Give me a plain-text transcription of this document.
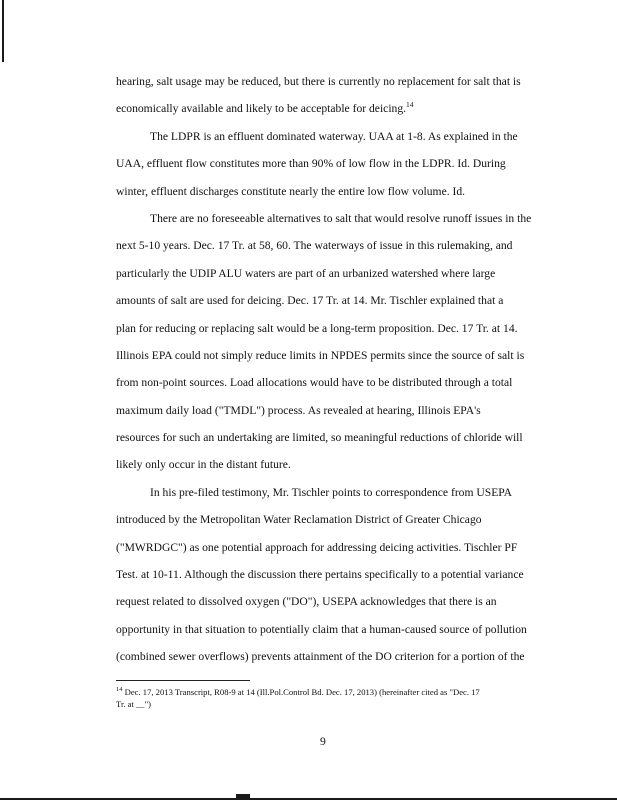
hearing, salt usage may be reduced, but there is currently no replacement for salt that is
economically available and likely to be acceptable for deicing.$^{14}$
The LDPR is an effluent dominated waterway. UAA at 1-8. As explained in the
UAA, effluent flow constitutes more than 90% of low flow in the LDPR. Id. During
winter, effluent discharges constitute nearly the entire low flow volume. Id.
There are no foreseeable alternatives to salt that would resolve runoff issues in the
next 5-10 years. Dec. 17 Tr. at 58, 60. The waterways of issue in this rulemaking, and
particularly the UDIP ALU waters are part of an urbanized watershed where large
amounts of salt are used for deicing. Dec. 17 Tr. at 14. Mr. Tischler explained that a
plan for reducing or replacing salt would be a long-term proposition. Dec. 17 Tr. at 14.
Illinois EPA could not simply reduce limits in NPDES permits since the source of salt is
from non-point sources. Load allocations would have to be distributed through a total
maximum daily load ("TMDL") process. As revealed at hearing, Illinois EPA's
resources for such an undertaking are limited, so meaningful reductions of chloride will
likely only occur in the distant future.
In his pre-filed testimony, Mr. Tischler points to correspondence from USEPA
introduced by the Metropolitan Water Reclamation District of Greater Chicago
("MWRDGC") as one potential approach for addressing deicing activities. Tischler PF
Test. at 10-11. Although the discussion there pertains specifically to a potential variance
request related to dissolved oxygen ("DO"), USEPA acknowledges that there is an
opportunity in that situation to potentially claim that a human-caused source of pollution
(combined sewer overflows) prevents attainment of the DO criterion for a portion of the
$^{14}$ Dec. 17, 2013 Transcript, R08-9 at 14 (Ill.Pol.Control Bd. Dec. 17, 2013) (hereinafter cited as "Dec. 17
Tr. at __")
9
